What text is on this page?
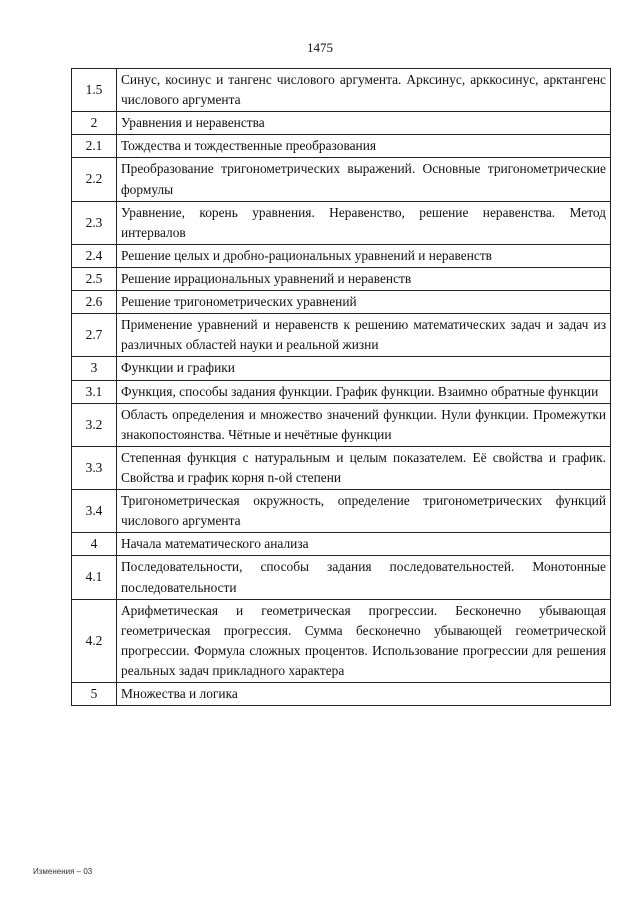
1475
1.5	Синус, косинус и тангенс числового аргумента. Арксинус, арккосинус, арктангенс числового аргумента
2	Уравнения и неравенства
2.1	Тождества и тождественные преобразования
2.2	Преобразование тригонометрических выражений. Основные тригонометрические формулы
2.3	Уравнение, корень уравнения. Неравенство, решение неравенства. Метод интервалов
2.4	Решение целых и дробно-рациональных уравнений и неравенств
2.5	Решение иррациональных уравнений и неравенств
2.6	Решение тригонометрических уравнений
2.7	Применение уравнений и неравенств к решению математических задач и задач из различных областей науки и реальной жизни
3	Функции и графики
3.1	Функция, способы задания функции. График функции. Взаимно обратные функции
3.2	Область определения и множество значений функции. Нули функции. Промежутки знакопостоянства. Чётные и нечётные функции
3.3	Степенная функция с натуральным и целым показателем. Её свойства и график. Свойства и график корня n-ой степени
3.4	Тригонометрическая окружность, определение тригонометрических функций числового аргумента
4	Начала математического анализа
4.1	Последовательности, способы задания последовательностей. Монотонные последовательности
4.2	Арифметическая и геометрическая прогрессии. Бесконечно убывающая геометрическая прогрессия. Сумма бесконечно убывающей геометрической прогрессии. Формула сложных процентов. Использование прогрессии для решения реальных задач прикладного характера
5	Множества и логика
Изменения – 03
